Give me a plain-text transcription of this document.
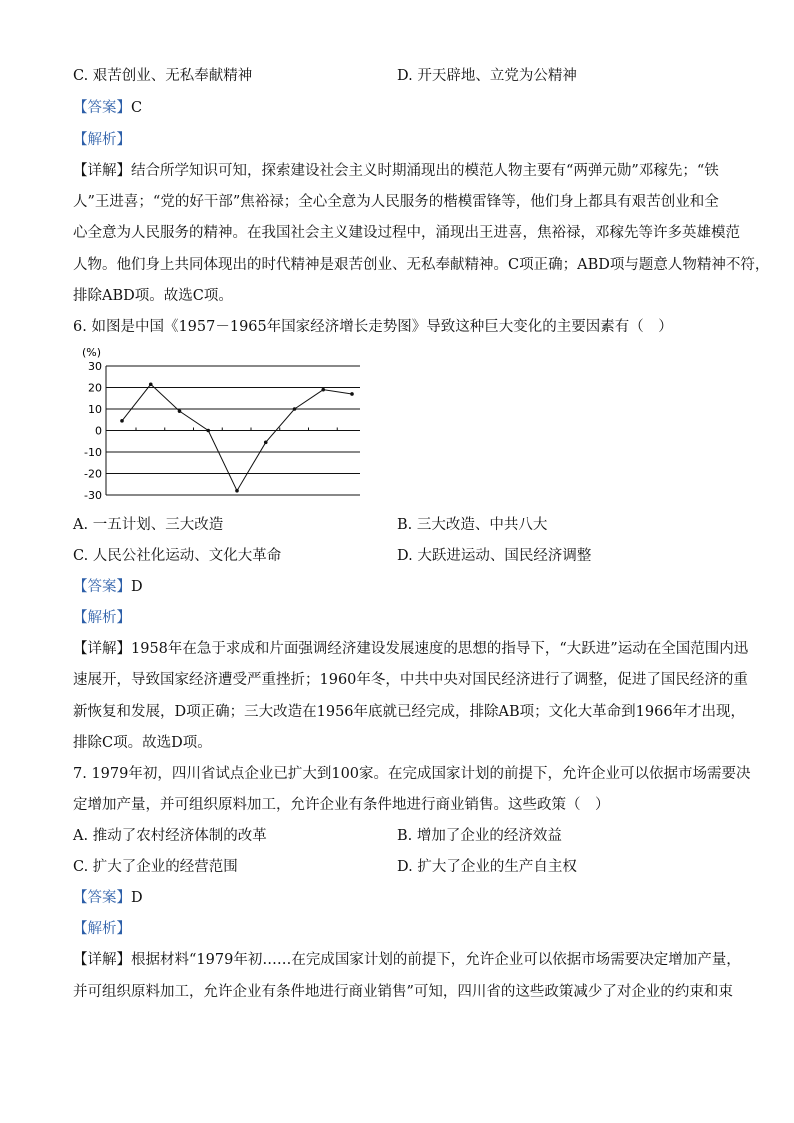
C. 艰苦创业、无私奉献精神	D. 开天辟地、立党为公精神
【答案】C
【解析】
【详解】结合所学知识可知，探索建设社会主义时期涌现出的模范人物主要有“两弹元勋”邓稼先；“铁
人”王进喜；“党的好干部”焦裕禄；全心全意为人民服务的楷模雷锋等，他们身上都具有艰苦创业和全
心全意为人民服务的精神。在我国社会主义建设过程中，涌现出王进喜，焦裕禄，邓稼先等许多英雄模范
人物。他们身上共同体现出的时代精神是艰苦创业、无私奉献精神。C项正确；ABD项与题意人物精神不符，
排除ABD项。故选C项。
6. 如图是中国《1957－1965年国家经济增长走势图》导致这种巨大变化的主要因素有（　）
(%)
30
20
10
0
-10
-20
-30
A. 一五计划、三大改造	B. 三大改造、中共八大
C. 人民公社化运动、文化大革命	D. 大跃进运动、国民经济调整
【答案】D
【解析】
【详解】1958年在急于求成和片面强调经济建设发展速度的思想的指导下，“大跃进”运动在全国范围内迅
速展开，导致国家经济遭受严重挫折；1960年冬，中共中央对国民经济进行了调整，促进了国民经济的重
新恢复和发展，D项正确；三大改造在1956年底就已经完成，排除AB项；文化大革命到1966年才出现，
排除C项。故选D项。
7. 1979年初，四川省试点企业已扩大到100家。在完成国家计划的前提下，允许企业可以依据市场需要决
定增加产量，并可组织原料加工，允许企业有条件地进行商业销售。这些政策（　）
A. 推动了农村经济体制的改革	B. 增加了企业的经济效益
C. 扩大了企业的经营范围	D. 扩大了企业的生产自主权
【答案】D
【解析】
【详解】根据材料“1979年初……在完成国家计划的前提下，允许企业可以依据市场需要决定增加产量，
并可组织原料加工，允许企业有条件地进行商业销售”可知，四川省的这些政策减少了对企业的约束和束
